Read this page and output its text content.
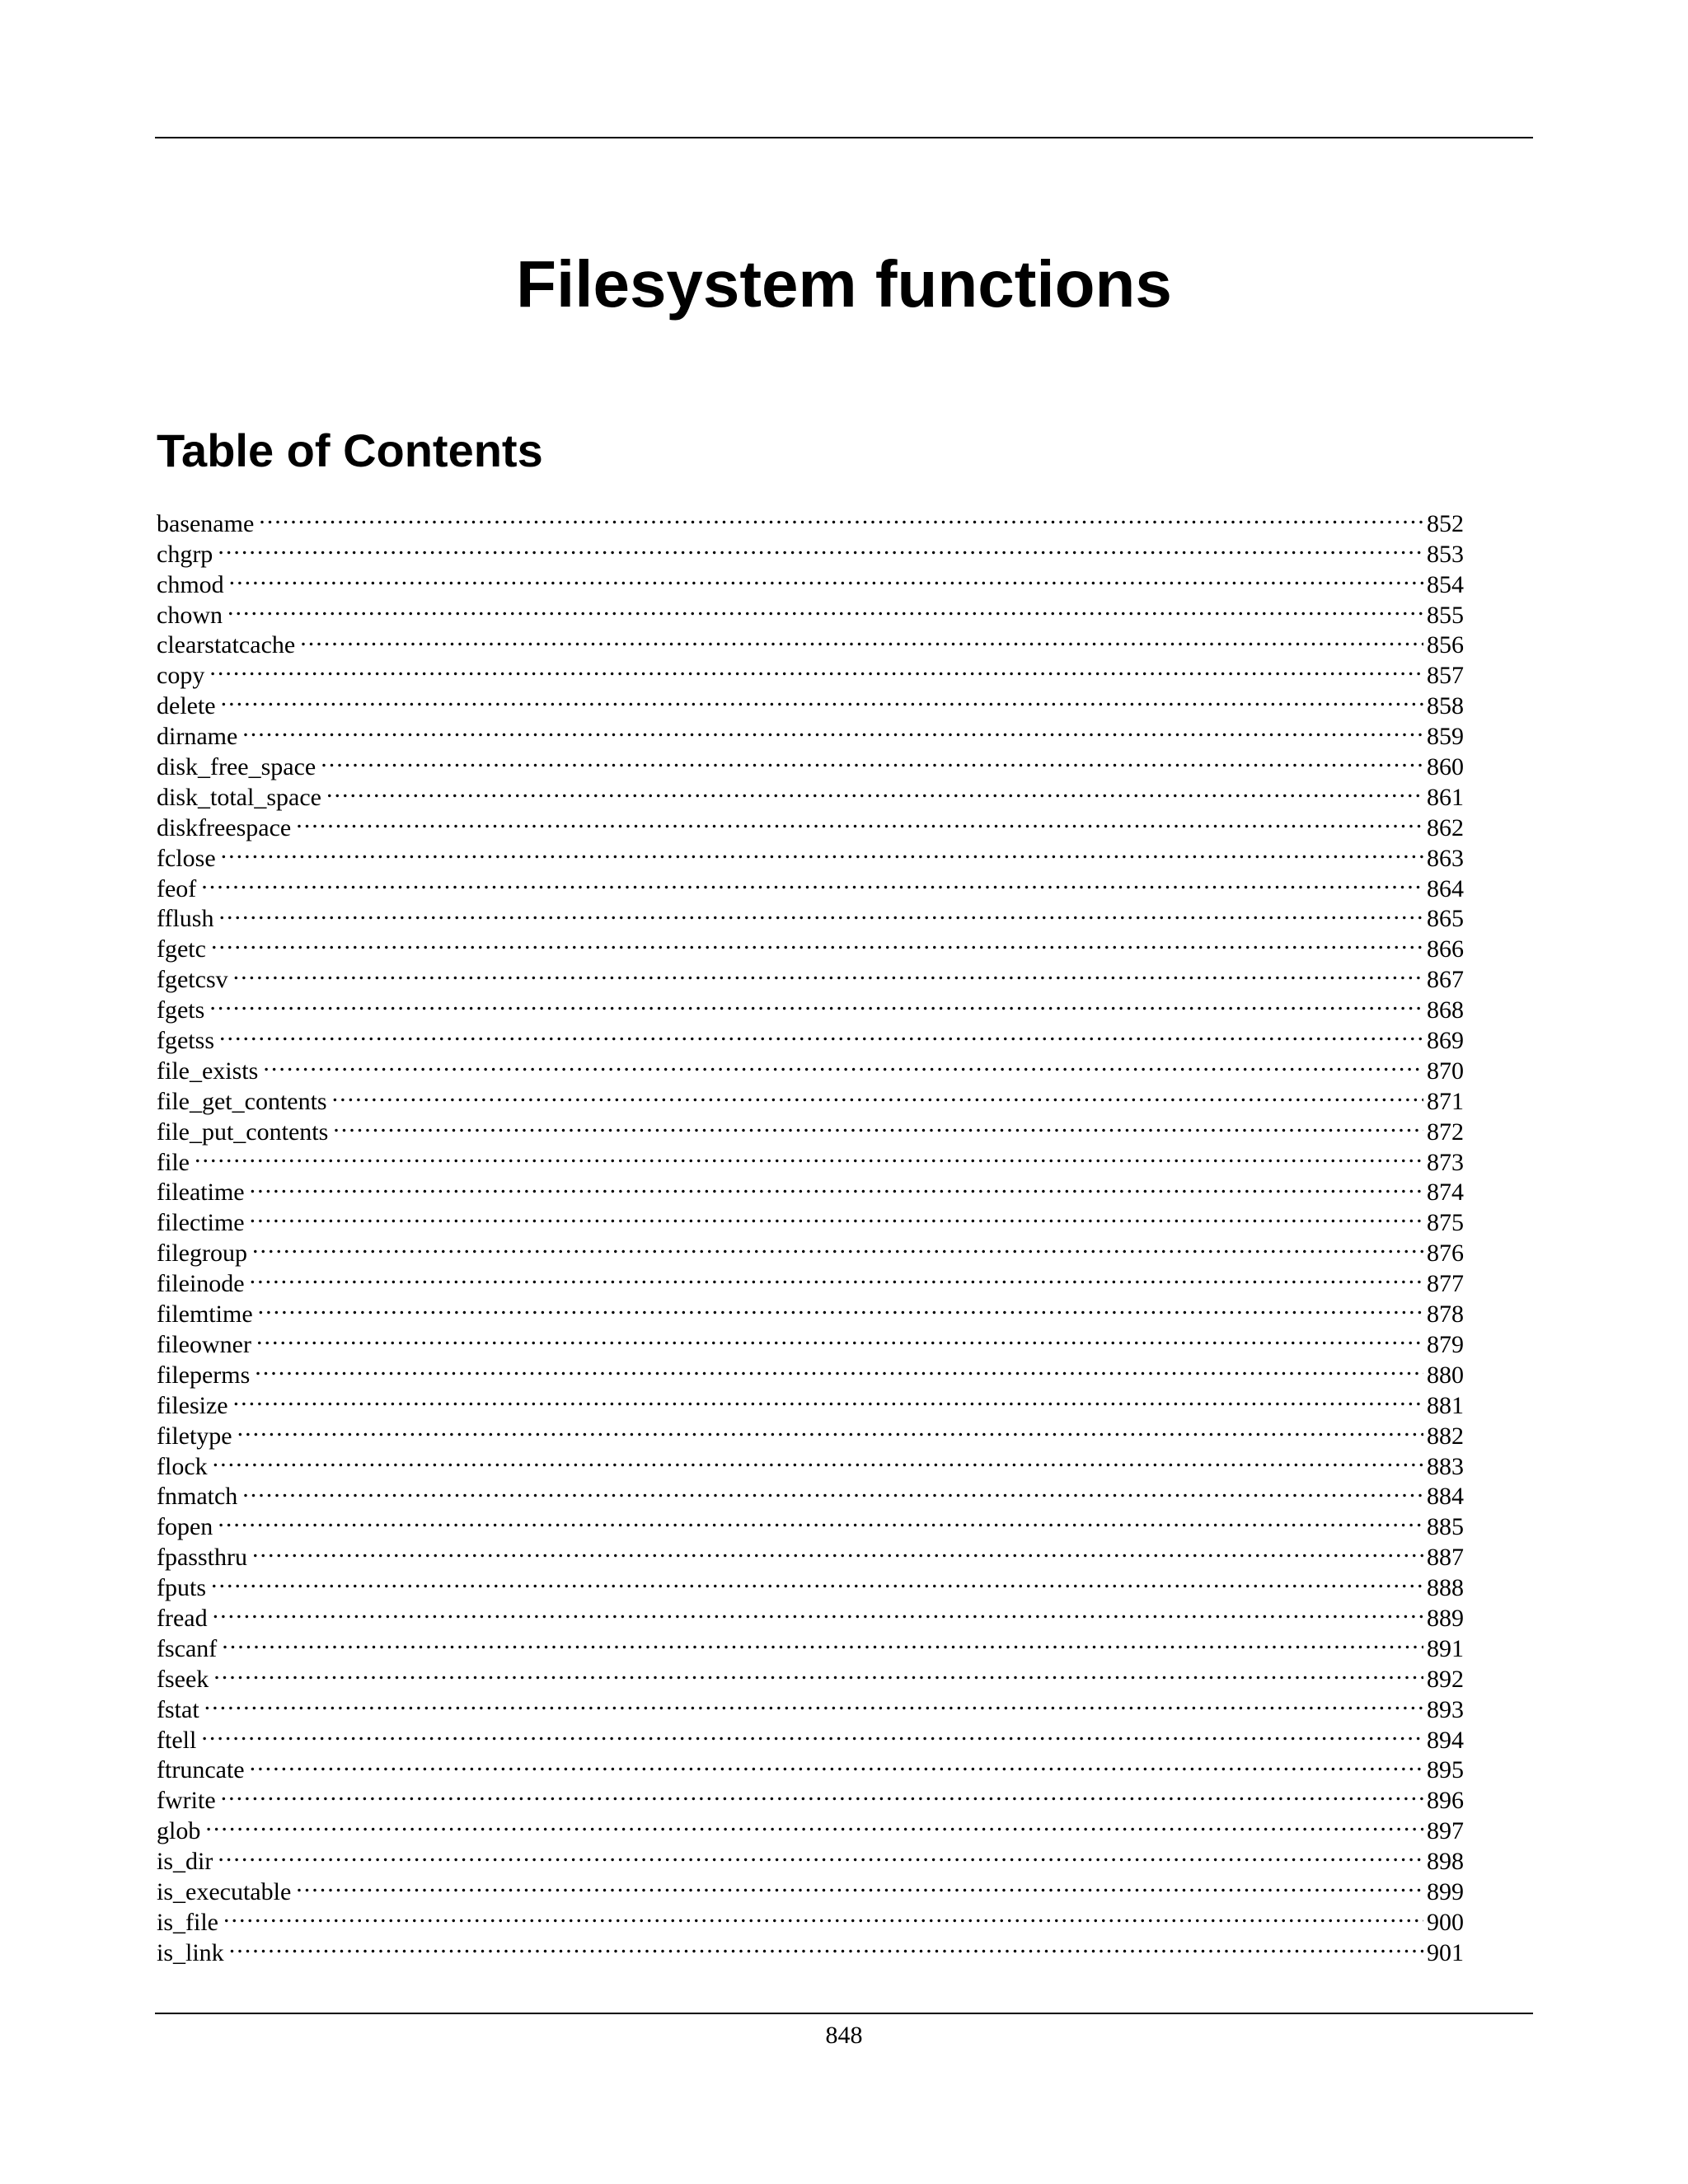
Filesystem functions
Table of Contents
basename .....	852
chgrp .....	853
chmod .....	854
chown .....	855
clearstatcache .....	856
copy .....	857
delete .....	858
dirname .....	859
disk_free_space .....	860
disk_total_space .....	861
diskfreespace .....	862
fclose .....	863
feof .....	864
fflush .....	865
fgetc .....	866
fgetcsv .....	867
fgets .....	868
fgetss .....	869
file_exists .....	870
file_get_contents .....	871
file_put_contents .....	872
file .....	873
fileatime .....	874
filectime .....	875
filegroup .....	876
fileinode .....	877
filemtime .....	878
fileowner .....	879
fileperms .....	880
filesize .....	881
filetype .....	882
flock .....	883
fnmatch .....	884
fopen .....	885
fpassthru .....	887
fputs .....	888
fread .....	889
fscanf .....	891
fseek .....	892
fstat .....	893
ftell .....	894
ftruncate .....	895
fwrite .....	896
glob .....	897
is_dir .....	898
is_executable .....	899
is_file .....	900
is_link .....	901
848
